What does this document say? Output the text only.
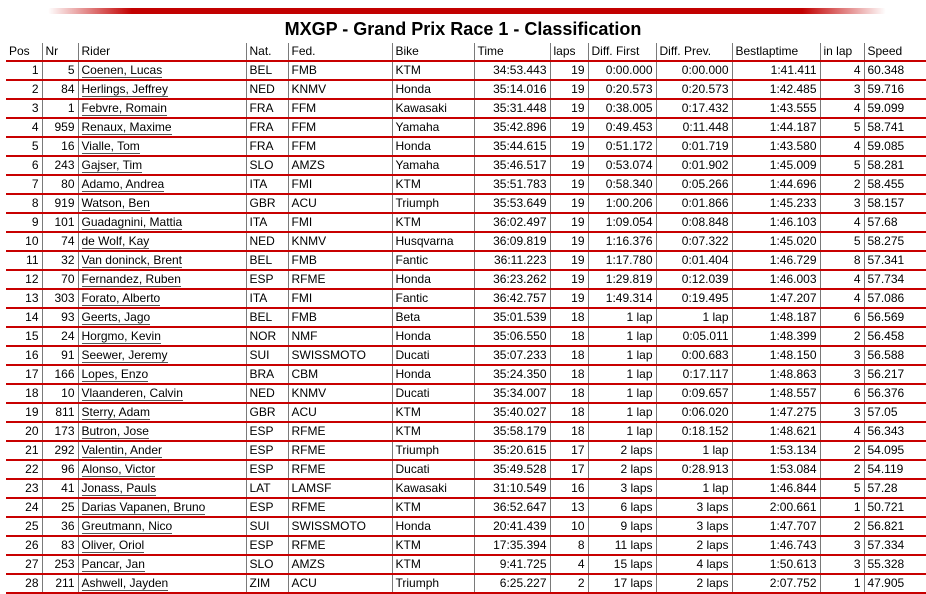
MXGP - Grand Prix Race 1 - Classification
Pos	Nr	Rider	Nat.	Fed.	Bike	Time	laps	Diff. First	Diff. Prev.	Bestlaptime	in lap	Speed
1	5	Coenen, Lucas	BEL	FMB	KTM	34:53.443	19	0:00.000	0:00.000	1:41.411	4	60.348
2	84	Herlings, Jeffrey	NED	KNMV	Honda	35:14.016	19	0:20.573	0:20.573	1:42.485	3	59.716
3	1	Febvre, Romain	FRA	FFM	Kawasaki	35:31.448	19	0:38.005	0:17.432	1:43.555	4	59.099
4	959	Renaux, Maxime	FRA	FFM	Yamaha	35:42.896	19	0:49.453	0:11.448	1:44.187	5	58.741
5	16	Vialle, Tom	FRA	FFM	Honda	35:44.615	19	0:51.172	0:01.719	1:43.580	4	59.085
6	243	Gajser, Tim	SLO	AMZS	Yamaha	35:46.517	19	0:53.074	0:01.902	1:45.009	5	58.281
7	80	Adamo, Andrea	ITA	FMI	KTM	35:51.783	19	0:58.340	0:05.266	1:44.696	2	58.455
8	919	Watson, Ben	GBR	ACU	Triumph	35:53.649	19	1:00.206	0:01.866	1:45.233	3	58.157
9	101	Guadagnini, Mattia	ITA	FMI	KTM	36:02.497	19	1:09.054	0:08.848	1:46.103	4	57.68
10	74	de Wolf, Kay	NED	KNMV	Husqvarna	36:09.819	19	1:16.376	0:07.322	1:45.020	5	58.275
11	32	Van doninck, Brent	BEL	FMB	Fantic	36:11.223	19	1:17.780	0:01.404	1:46.729	8	57.341
12	70	Fernandez, Ruben	ESP	RFME	Honda	36:23.262	19	1:29.819	0:12.039	1:46.003	4	57.734
13	303	Forato, Alberto	ITA	FMI	Fantic	36:42.757	19	1:49.314	0:19.495	1:47.207	4	57.086
14	93	Geerts, Jago	BEL	FMB	Beta	35:01.539	18	1 lap	1 lap	1:48.187	6	56.569
15	24	Horgmo, Kevin	NOR	NMF	Honda	35:06.550	18	1 lap	0:05.011	1:48.399	2	56.458
16	91	Seewer, Jeremy	SUI	SWISSMOTO	Ducati	35:07.233	18	1 lap	0:00.683	1:48.150	3	56.588
17	166	Lopes, Enzo	BRA	CBM	Honda	35:24.350	18	1 lap	0:17.117	1:48.863	3	56.217
18	10	Vlaanderen, Calvin	NED	KNMV	Ducati	35:34.007	18	1 lap	0:09.657	1:48.557	6	56.376
19	811	Sterry, Adam	GBR	ACU	KTM	35:40.027	18	1 lap	0:06.020	1:47.275	3	57.05
20	173	Butron, Jose	ESP	RFME	KTM	35:58.179	18	1 lap	0:18.152	1:48.621	4	56.343
21	292	Valentin, Ander	ESP	RFME	Triumph	35:20.615	17	2 laps	1 lap	1:53.134	2	54.095
22	96	Alonso, Victor	ESP	RFME	Ducati	35:49.528	17	2 laps	0:28.913	1:53.084	2	54.119
23	41	Jonass, Pauls	LAT	LAMSF	Kawasaki	31:10.549	16	3 laps	1 lap	1:46.844	5	57.28
24	25	Darias Vapanen, Bruno	ESP	RFME	KTM	36:52.647	13	6 laps	3 laps	2:00.661	1	50.721
25	36	Greutmann, Nico	SUI	SWISSMOTO	Honda	20:41.439	10	9 laps	3 laps	1:47.707	2	56.821
26	83	Oliver, Oriol	ESP	RFME	KTM	17:35.394	8	11 laps	2 laps	1:46.743	3	57.334
27	253	Pancar, Jan	SLO	AMZS	KTM	9:41.725	4	15 laps	4 laps	1:50.613	3	55.328
28	211	Ashwell, Jayden	ZIM	ACU	Triumph	6:25.227	2	17 laps	2 laps	2:07.752	1	47.905
